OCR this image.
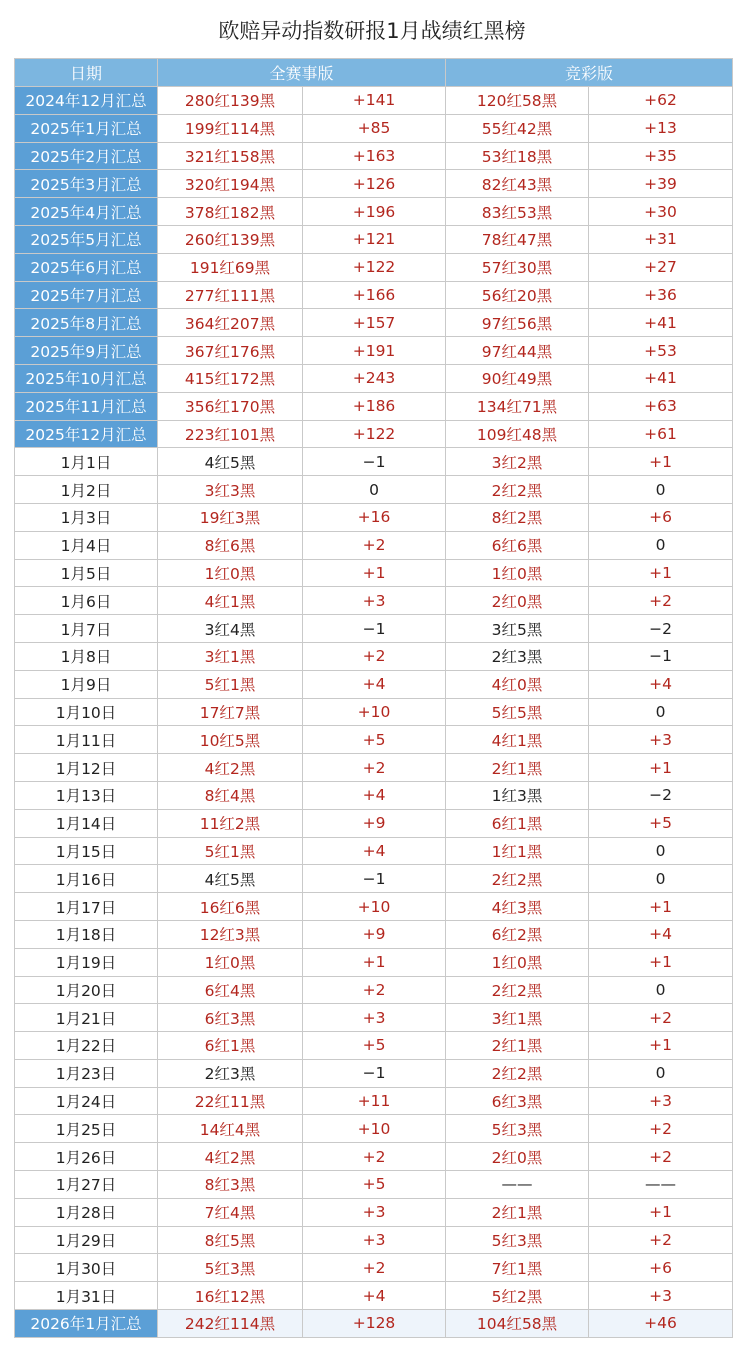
欧赔异动指数研报1月战绩红黑榜
日期	全赛事版		竞彩版	
2024年12月汇总	280红139黑	+141	120红58黑	+62
2025年1月汇总	199红114黑	+85	55红42黑	+13
2025年2月汇总	321红158黑	+163	53红18黑	+35
2025年3月汇总	320红194黑	+126	82红43黑	+39
2025年4月汇总	378红182黑	+196	83红53黑	+30
2025年5月汇总	260红139黑	+121	78红47黑	+31
2025年6月汇总	191红69黑	+122	57红30黑	+27
2025年7月汇总	277红111黑	+166	56红20黑	+36
2025年8月汇总	364红207黑	+157	97红56黑	+41
2025年9月汇总	367红176黑	+191	97红44黑	+53
2025年10月汇总	415红172黑	+243	90红49黑	+41
2025年11月汇总	356红170黑	+186	134红71黑	+63
2025年12月汇总	223红101黑	+122	109红48黑	+61
1月1日	4红5黑	−1	3红2黑	+1
1月2日	3红3黑	0	2红2黑	0
1月3日	19红3黑	+16	8红2黑	+6
1月4日	8红6黑	+2	6红6黑	0
1月5日	1红0黑	+1	1红0黑	+1
1月6日	4红1黑	+3	2红0黑	+2
1月7日	3红4黑	−1	3红5黑	−2
1月8日	3红1黑	+2	2红3黑	−1
1月9日	5红1黑	+4	4红0黑	+4
1月10日	17红7黑	+10	5红5黑	0
1月11日	10红5黑	+5	4红1黑	+3
1月12日	4红2黑	+2	2红1黑	+1
1月13日	8红4黑	+4	1红3黑	−2
1月14日	11红2黑	+9	6红1黑	+5
1月15日	5红1黑	+4	1红1黑	0
1月16日	4红5黑	−1	2红2黑	0
1月17日	16红6黑	+10	4红3黑	+1
1月18日	12红3黑	+9	6红2黑	+4
1月19日	1红0黑	+1	1红0黑	+1
1月20日	6红4黑	+2	2红2黑	0
1月21日	6红3黑	+3	3红1黑	+2
1月22日	6红1黑	+5	2红1黑	+1
1月23日	2红3黑	−1	2红2黑	0
1月24日	22红11黑	+11	6红3黑	+3
1月25日	14红4黑	+10	5红3黑	+2
1月26日	4红2黑	+2	2红0黑	+2
1月27日	8红3黑	+5	——	——
1月28日	7红4黑	+3	2红1黑	+1
1月29日	8红5黑	+3	5红3黑	+2
1月30日	5红3黑	+2	7红1黑	+6
1月31日	16红12黑	+4	5红2黑	+3
2026年1月汇总	242红114黑	+128	104红58黑	+46
